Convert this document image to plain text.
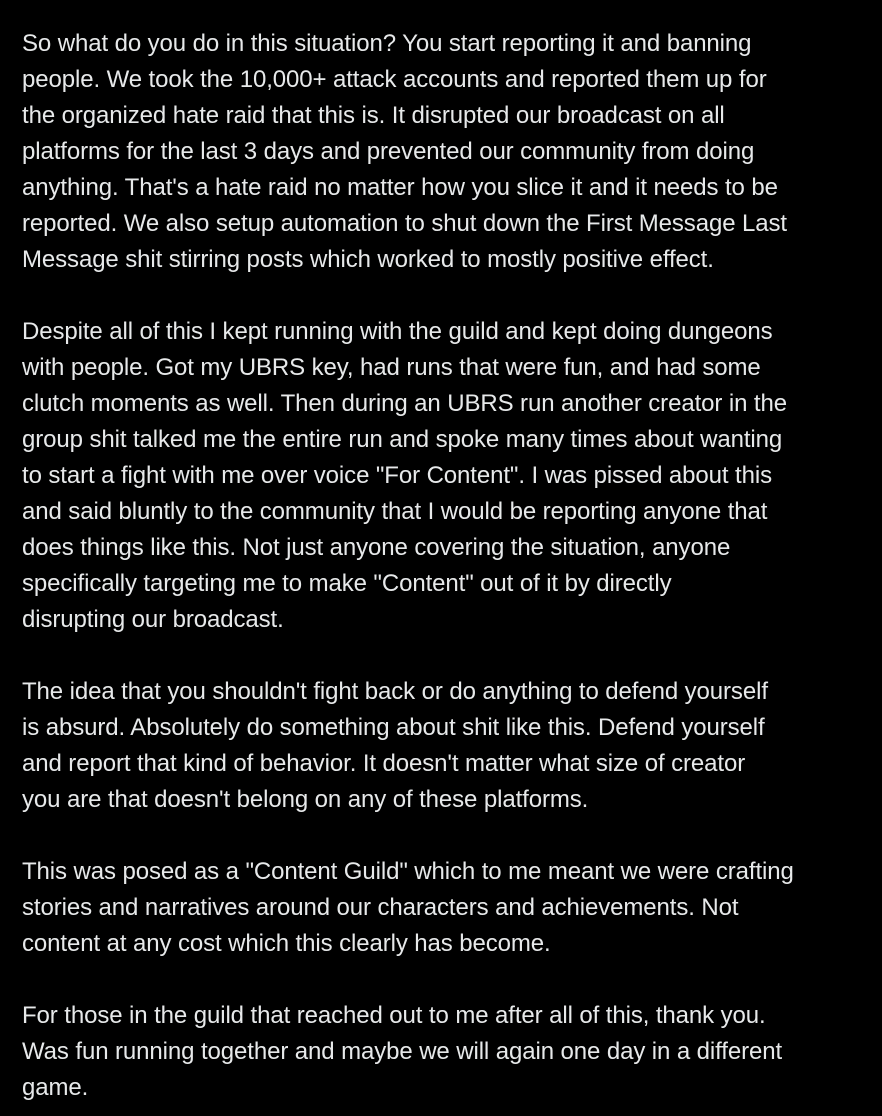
So what do you do in this situation? You start reporting it and banning
people. We took the 10,000+ attack accounts and reported them up for
the organized hate raid that this is. It disrupted our broadcast on all
platforms for the last 3 days and prevented our community from doing
anything. That's a hate raid no matter how you slice it and it needs to be
reported. We also setup automation to shut down the First Message Last
Message shit stirring posts which worked to mostly positive effect.

Despite all of this I kept running with the guild and kept doing dungeons
with people. Got my UBRS key, had runs that were fun, and had some
clutch moments as well. Then during an UBRS run another creator in the
group shit talked me the entire run and spoke many times about wanting
to start a fight with me over voice "For Content". I was pissed about this
and said bluntly to the community that I would be reporting anyone that
does things like this. Not just anyone covering the situation, anyone
specifically targeting me to make "Content" out of it by directly
disrupting our broadcast.

The idea that you shouldn't fight back or do anything to defend yourself
is absurd. Absolutely do something about shit like this. Defend yourself
and report that kind of behavior. It doesn't matter what size of creator
you are that doesn't belong on any of these platforms.

This was posed as a "Content Guild" which to me meant we were crafting
stories and narratives around our characters and achievements. Not
content at any cost which this clearly has become.

For those in the guild that reached out to me after all of this, thank you.
Was fun running together and maybe we will again one day in a different
game.
